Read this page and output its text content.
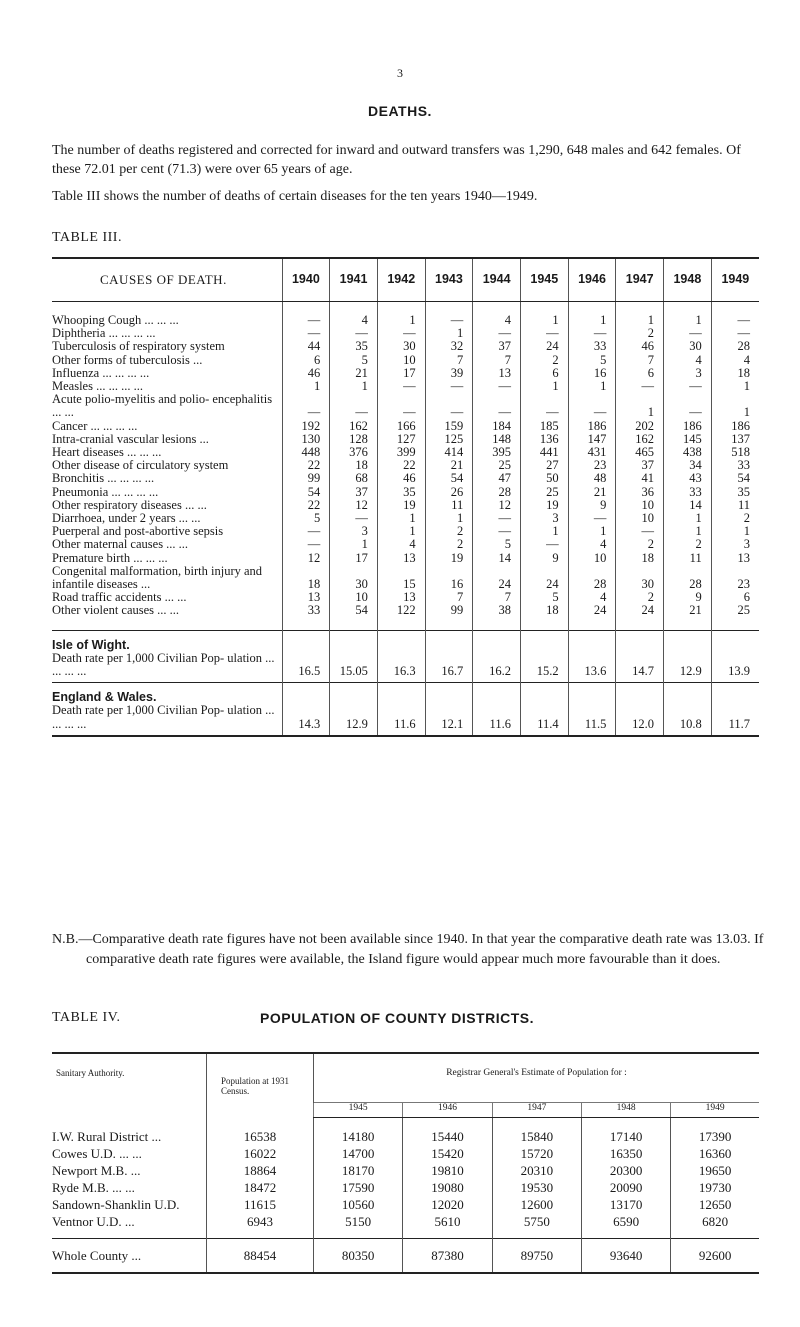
3
DEATHS.

The number of deaths registered and corrected for inward and outward transfers was 1,290, 648 males and 642 females. Of these 72.01 per cent (71.3) were over 65 years of age.

Table III shows the number of deaths of certain diseases for the ten years 1940—1949.

TABLE III.
CAUSES OF DEATH.	1940	1941	1942	1943	1944	1945	1946	1947	1948	1949

Whooping Cough ... ... ...	—	4	1	—	4	1	1	1	1	—
Diphtheria ... ... ... ...	—	—	—	1	—	—	—	2	—	—
Tuberculosis of respiratory system	44	35	30	32	37	24	33	46	30	28
Other forms of tuberculosis ...	6	5	10	7	7	2	5	7	4	4
Influenza ... ... ... ...	46	21	17	39	13	6	16	6	3	18
Measles ... ... ... ...	1	1	—	—	—	1	1	—	—	1
Acute polio-myelitis and polio- encephalitis ... ...	—	—	—	—	—	—	—	1	—	1
Cancer ... ... ... ...	192	162	166	159	184	185	186	202	186	186
Intra-cranial vascular lesions ...	130	128	127	125	148	136	147	162	145	137
Heart diseases ... ... ...	448	376	399	414	395	441	431	465	438	518
Other disease of circulatory system	22	18	22	21	25	27	23	37	34	33
Bronchitis ... ... ... ...	99	68	46	54	47	50	48	41	43	54
Pneumonia ... ... ... ...	54	37	35	26	28	25	21	36	33	35
Other respiratory diseases ... ...	22	12	19	11	12	19	9	10	14	11
Diarrhoea, under 2 years ... ...	5	—	1	1	—	3	—	10	1	2
Puerperal and post-abortive sepsis	—	3	1	2	—	1	1	—	1	1
Other maternal causes ... ...	—	1	4	2	5	—	4	2	2	3
Premature birth ... ... ...	12	17	13	19	14	9	10	18	11	13
Congenital malformation, birth injury and infantile diseases ...	18	30	15	16	24	24	28	30	28	23
Road traffic accidents ... ...	13	10	13	7	7	5	4	2	9	6
Other violent causes ... ...	33	54	122	99	38	18	24	24	21	25

Isle of Wight.
Death rate per 1,000 Civilian Pop- ulation ... ... ... ...	16.5	15.05	16.3	16.7	16.2	15.2	13.6	14.7	12.9	13.9

England & Wales.
Death rate per 1,000 Civilian Pop- ulation ... ... ... ...	14.3	12.9	11.6	12.1	11.6	11.4	11.5	12.0	10.8	11.7

N.B.—Comparative death rate figures have not been available since 1940. In that year the comparative death rate was 13.03. If comparative death rate figures were available, the Island figure would appear much more favourable than it does.

TABLE IV.	POPULATION OF COUNTY DISTRICTS.
Sanitary Authority.	Population at 1931 Census.	Registrar General's Estimate of Population for :				
		1945	1946	1947	1948	1949
I.W. Rural District ...	16538	14180	15440	15840	17140	17390
Cowes U.D. ... ...	16022	14700	15420	15720	16350	16360
Newport M.B. ...	18864	18170	19810	20310	20300	19650
Ryde M.B. ... ...	18472	17590	19080	19530	20090	19730
Sandown-Shanklin U.D.	11615	10560	12020	12600	13170	12650
Ventnor U.D. ...	6943	5150	5610	5750	6590	6820
Whole County ...	88454	80350	87380	89750	93640	92600
